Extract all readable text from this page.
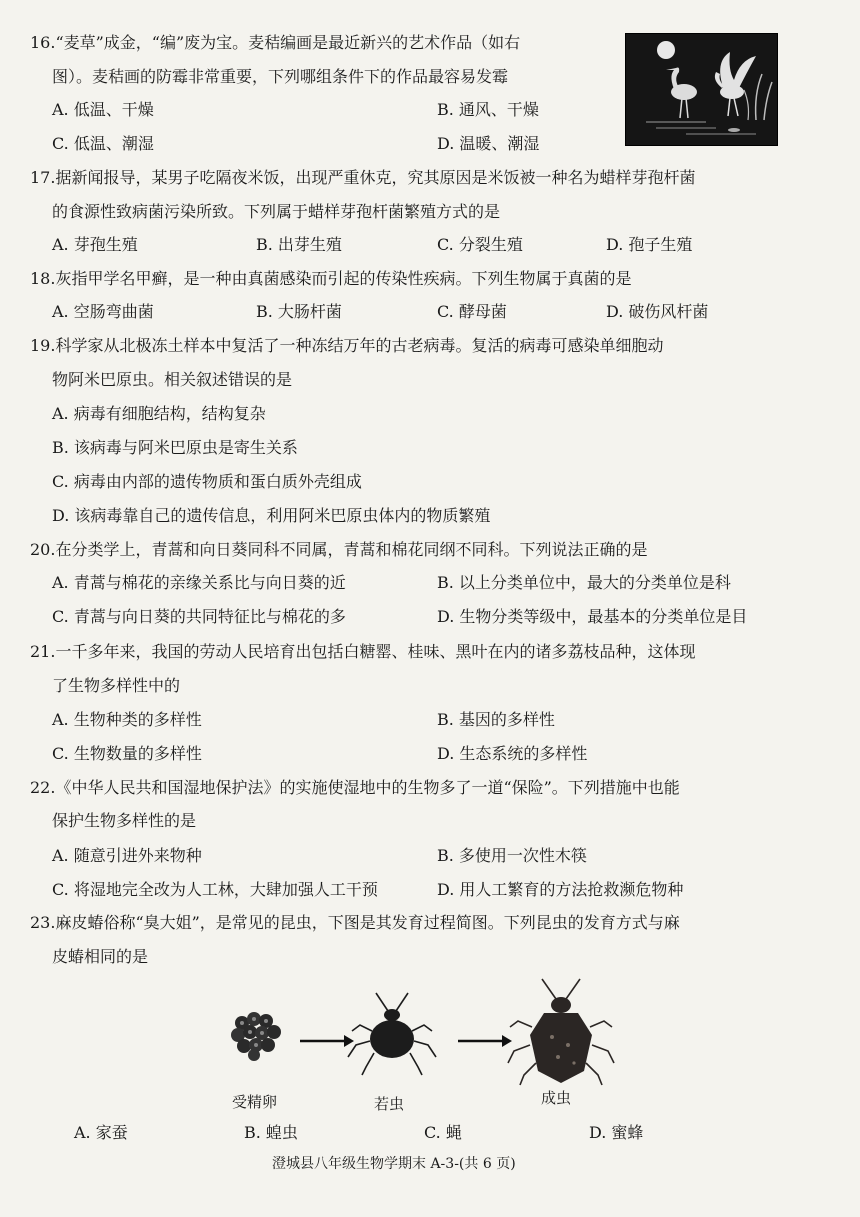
16.“麦草”成金，“编”废为宝。麦秸编画是最近新兴的艺术作品（如右
图）。麦秸画的防霉非常重要，下列哪组条件下的作品最容易发霉
A. 低温、干燥	B. 通风、干燥
C. 低温、潮湿	D. 温暖、潮湿
17.据新闻报导，某男子吃隔夜米饭，出现严重休克，究其原因是米饭被一种名为蜡样芽孢杆菌
的食源性致病菌污染所致。下列属于蜡样芽孢杆菌繁殖方式的是
A. 芽孢生殖	B. 出芽生殖	C. 分裂生殖	D. 孢子生殖
18.灰指甲学名甲癣，是一种由真菌感染而引起的传染性疾病。下列生物属于真菌的是
A. 空肠弯曲菌	B. 大肠杆菌	C. 酵母菌	D. 破伤风杆菌
19.科学家从北极冻土样本中复活了一种冻结万年的古老病毒。复活的病毒可感染单细胞动
物阿米巴原虫。相关叙述错误的是
A. 病毒有细胞结构，结构复杂
B. 该病毒与阿米巴原虫是寄生关系
C. 病毒由内部的遗传物质和蛋白质外壳组成
D. 该病毒靠自己的遗传信息，利用阿米巴原虫体内的物质繁殖
20.在分类学上，青蒿和向日葵同科不同属，青蒿和棉花同纲不同科。下列说法正确的是
A. 青蒿与棉花的亲缘关系比与向日葵的近	B. 以上分类单位中，最大的分类单位是科
C. 青蒿与向日葵的共同特征比与棉花的多	D. 生物分类等级中，最基本的分类单位是目
21.一千多年来，我国的劳动人民培育出包括白糖罂、桂味、黑叶在内的诸多荔枝品种，这体现
了生物多样性中的
A. 生物种类的多样性	B. 基因的多样性
C. 生物数量的多样性	D. 生态系统的多样性
22.《中华人民共和国湿地保护法》的实施使湿地中的生物多了一道“保险”。下列措施中也能
保护生物多样性的是
A. 随意引进外来物种	B. 多使用一次性木筷
C. 将湿地完全改为人工林，大肆加强人工干预	D. 用人工繁育的方法抢救濒危物种
23.麻皮蝽俗称“臭大姐”，是常见的昆虫，下图是其发育过程简图。下列昆虫的发育方式与麻
皮蝽相同的是
受精卵	若虫	成虫
A. 家蚕	B. 蝗虫	C. 蝇	D. 蜜蜂
澄城县八年级生物学期末 A-3-(共 6 页)
